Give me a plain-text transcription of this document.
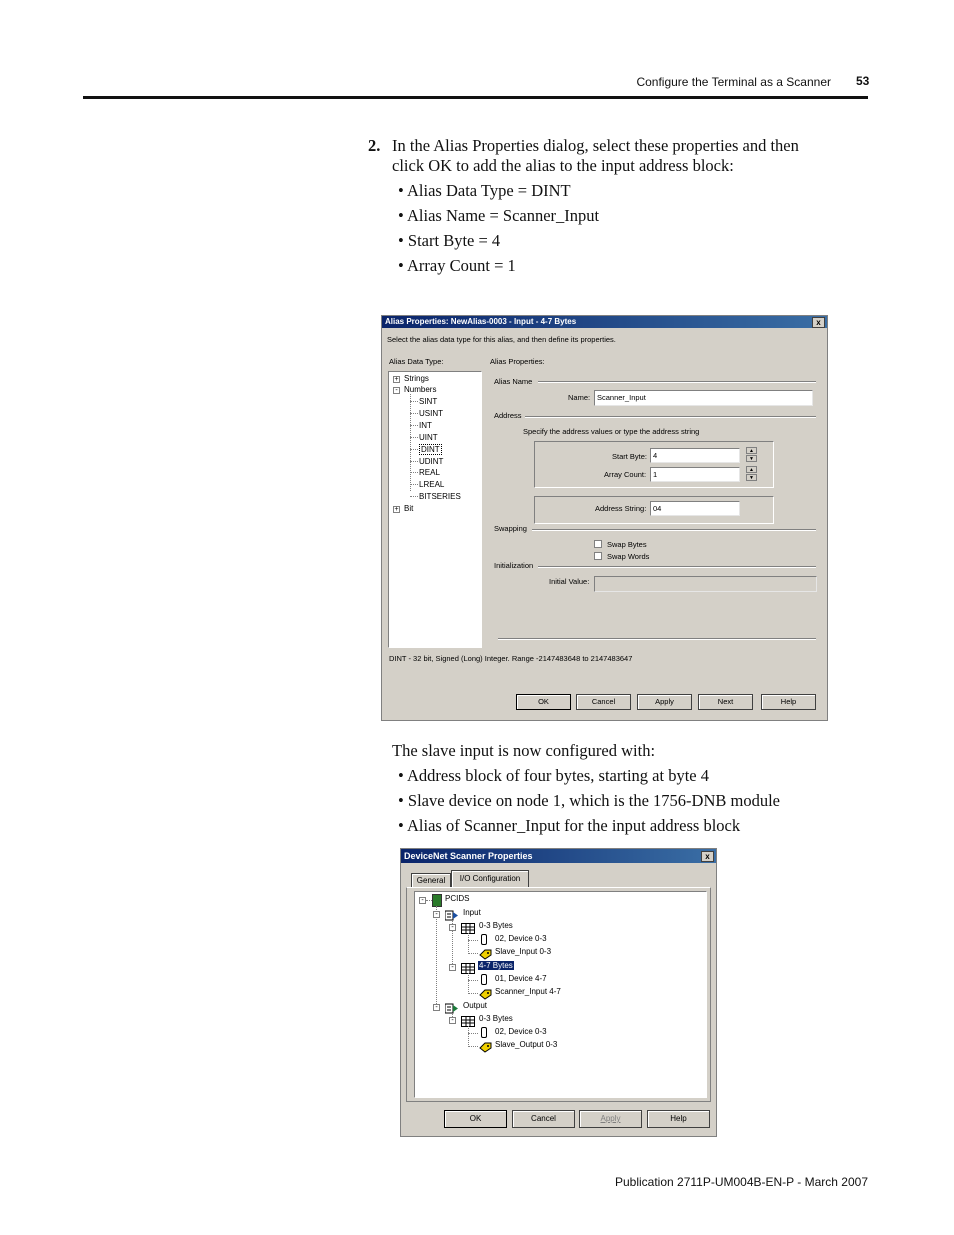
Configure the Terminal as a Scanner 53
2. In the Alias Properties dialog, select these properties and then
click OK to add the alias to the input address block:
• Alias Data Type = DINT
• Alias Name = Scanner_Input
• Start Byte = 4
• Array Count = 1
Alias Properties: NewAlias-0003 - Input - 4-7 Bytes	x
Select the alias data type for this alias, and then define its properties.
Alias Data Type:	Alias Properties:
+ Strings
- Numbers
SINT
USINT
INT
UINT
DINT
UDINT
REAL
LREAL
BITSERIES
+ Bit
Alias Name
Name: Scanner_Input
Address
Specify the address values or type the address string
Start Byte: 4	▲
▼
Array Count: 1	▲
▼
Address String: 04
Swapping
Swap Bytes
Swap Words
Initialization
Initial Value:
DINT - 32 bit, Signed (Long) Integer. Range -2147483648 to 2147483647
OK	Cancel	Apply	Next	Help
The slave input is now configured with:
• Address block of four bytes, starting at byte 4
• Slave device on node 1, which is the 1756-DNB module
• Alias of Scanner_Input for the input address block
DeviceNet Scanner Properties	x
General	I/O Configuration
-	PCIDS
-	Input
-	0-3 Bytes
02, Device 0-3
Slave_Input 0-3
-	4-7 Bytes
01, Device 4-7
Scanner_Input 4-7
-	Output
-	0-3 Bytes
02, Device 0-3
Slave_Output 0-3
OK	Cancel	Apply	Help
Publication 2711P-UM004B-EN-P - March 2007
